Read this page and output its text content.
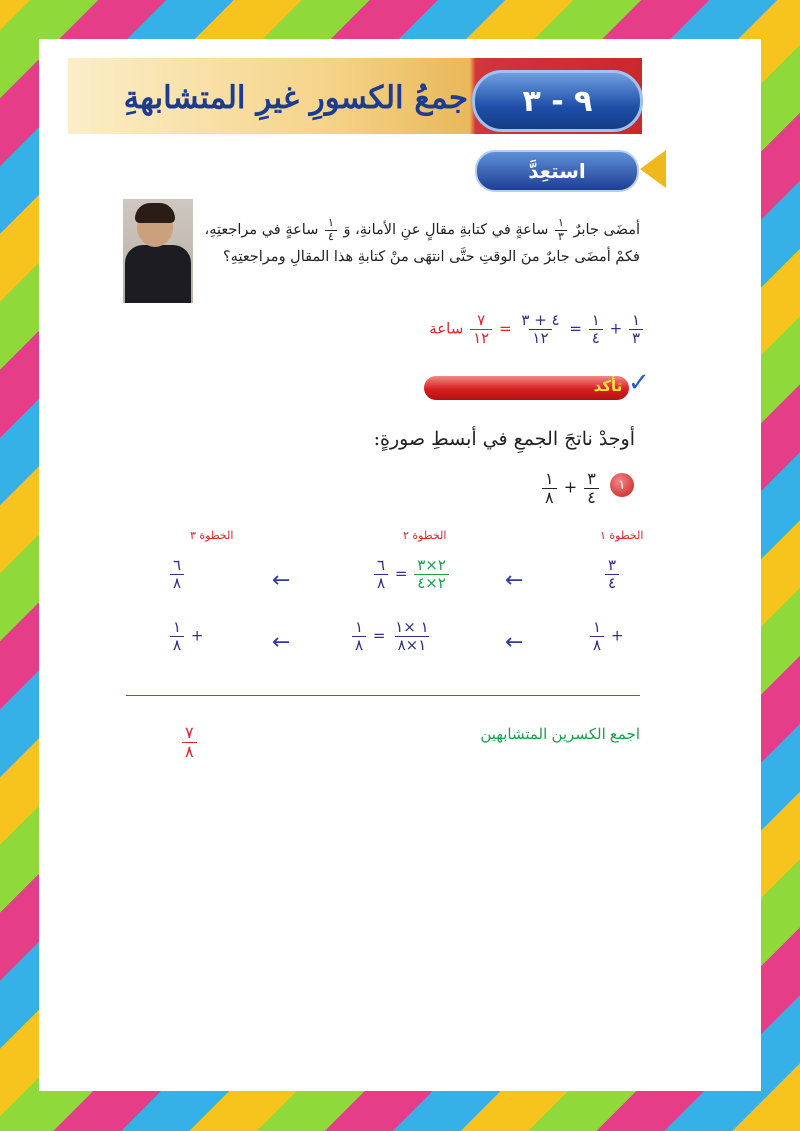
٩ - ٣
جمعُ الكسورِ غيرِ المتشابهةِ
استعِدَّ
أمضَى جابرٌ
$\frac{١}{٣}$
ساعةٍ في كتابةِ مقالٍ عنِ الأمانةِ، وَ
$\frac{١}{٤}$
ساعةٍ في مراجعتِهِ، فكمْ أمضَى جابرٌ منَ الوقتِ حتَّى انتهَى منْ كتابةِ هذا المقالِ ومراجعتِهِ؟
$\frac{١}{٣}$
+
$\frac{١}{٤}$
=
$\frac{٤ + ٣}{١٢}$
=
$\frac{٧}{١٢}$
ساعة
تأكد ✓
أوجدْ ناتجَ الجمعِ في أبسطِ صورةٍ:
١
$\frac{١}{٨} + \frac{٣}{٤}$
الخطوة ١
الخطوة ٢
الخطوة ٣
$\frac{٣}{٤}$
←
$\frac{٦}{٨} = \frac{٢\times ٣}{٢\times ٤}$
←
$\frac{٦}{٨}$
$\frac{١}{٨}$ +
←
$\frac{١}{٨} = \frac{١ \times ١}{١\times ٨}$
←
$\frac{١}{٨}$ +
اجمع الكسرين المتشابهين
$\frac{٧}{٨}$
